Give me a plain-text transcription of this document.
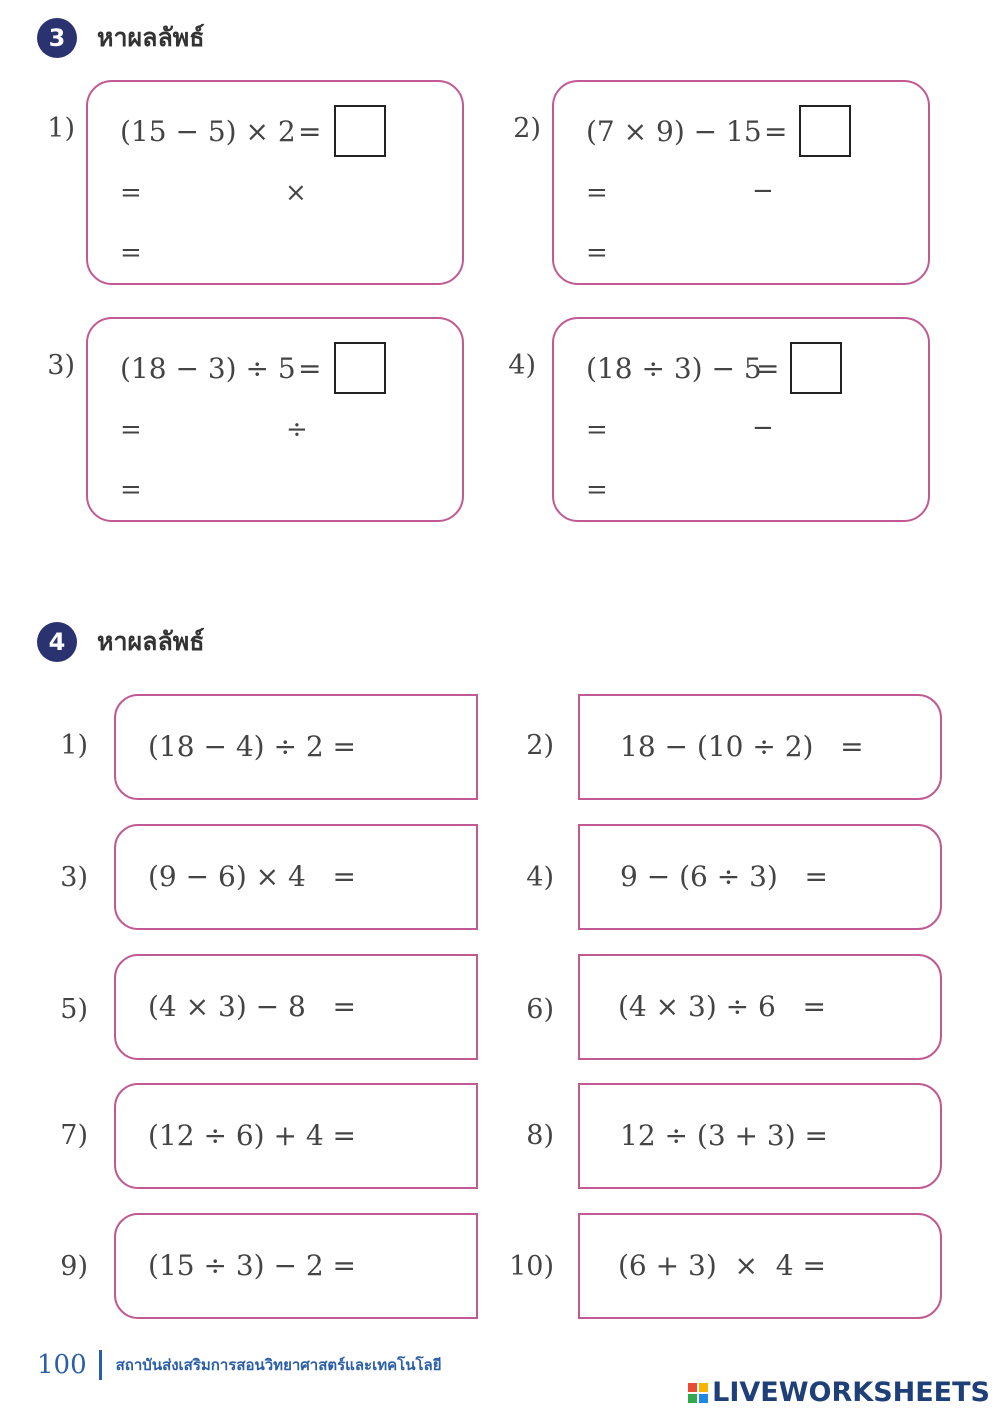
3	หาผลลัพธ์
1) (15 − 5) × 2 =
=	×
=
2) (7 × 9) − 15 =
=	−
=
3) (18 − 3) ÷ 5 =
=	÷
=
4) (18 ÷ 3) − 5
=
=	−
=
4	หาผลลัพธ์
1) (18 − 4) ÷ 2 =
3) (9 − 6) × 4   =
5) (4 × 3) − 8   =
7) (12 ÷ 6) + 4 =
9) (15 ÷ 3) − 2 =
2) 18 − (10 ÷ 2)   =
4) 9 − (6 ÷ 3)   =
6) (4 × 3) ÷ 6   =
8) 12 ÷ (3 + 3) =
10) (6 + 3)  ×  4 =
100 สถาบันส่งเสริมการสอนวิทยาศาสตร์และเทคโนโลยี
LIVEWORKSHEETS
